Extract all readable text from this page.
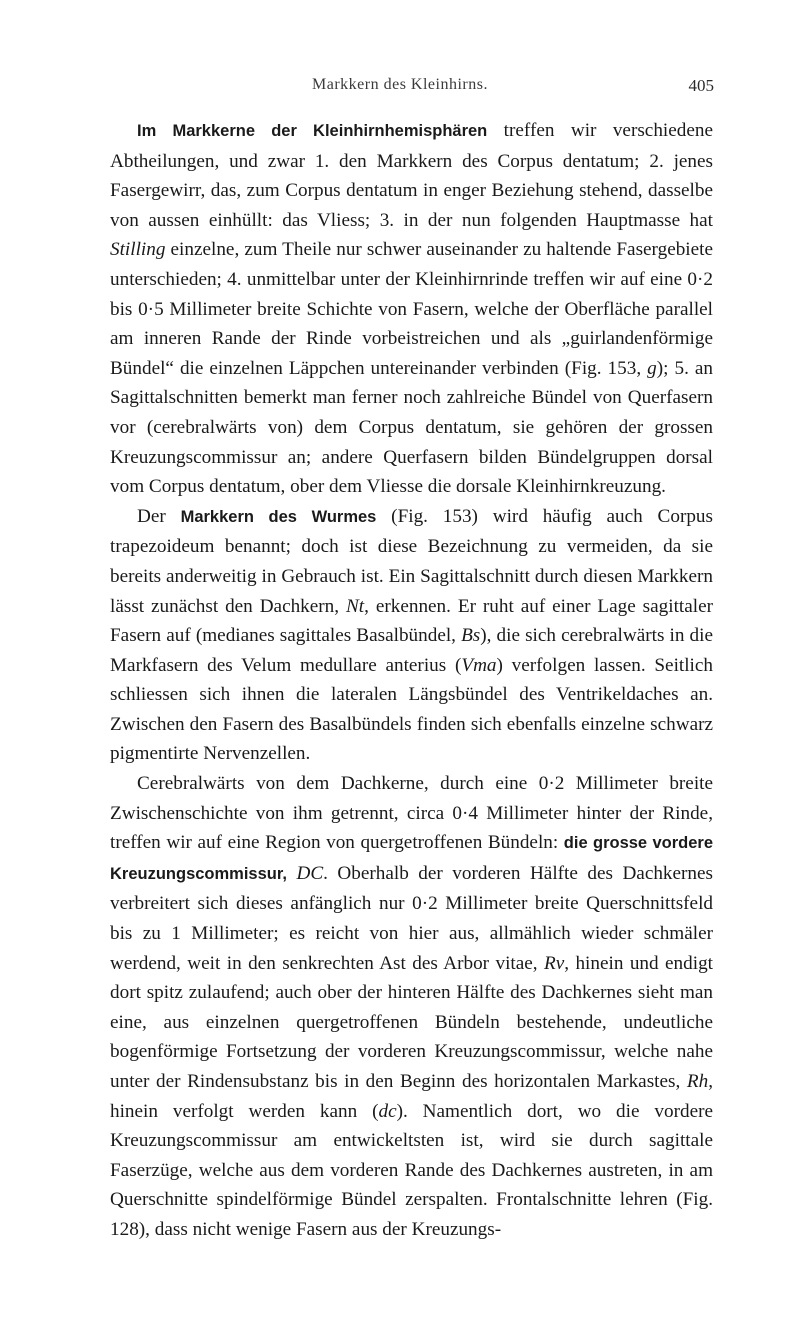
Markkern des Kleinhirns.	405

Im Markkerne der Kleinhirnhemisphären treffen wir verschiedene Abtheilungen, und zwar 1. den Markkern des Corpus dentatum; 2. jenes Fasergewirr, das, zum Corpus dentatum in enger Beziehung stehend, dasselbe von aussen einhüllt: das Vliess; 3. in der nun folgenden Hauptmasse hat Stilling einzelne, zum Theile nur schwer auseinander zu haltende Fasergebiete unterschieden; 4. unmittelbar unter der Kleinhirnrinde treffen wir auf eine 0·2 bis 0·5 Millimeter breite Schichte von Fasern, welche der Oberfläche parallel am inneren Rande der Rinde vorbeistreichen und als „guirlandenförmige Bündel“ die einzelnen Läppchen untereinander verbinden (Fig. 153, g); 5. an Sagittalschnitten bemerkt man ferner noch zahlreiche Bündel von Querfasern vor (cerebralwärts von) dem Corpus dentatum, sie gehören der grossen Kreuzungscommissur an; andere Querfasern bilden Bündelgruppen dorsal vom Corpus dentatum, ober dem Vliesse die dorsale Kleinhirnkreuzung.

Der Markkern des Wurmes (Fig. 153) wird häufig auch Corpus trapezoideum benannt; doch ist diese Bezeichnung zu vermeiden, da sie bereits anderweitig in Gebrauch ist. Ein Sagittalschnitt durch diesen Markkern lässt zunächst den Dachkern, Nt, erkennen. Er ruht auf einer Lage sagittaler Fasern auf (medianes sagittales Basalbündel, Bs), die sich cerebralwärts in die Markfasern des Velum medullare anterius (Vma) verfolgen lassen. Seitlich schliessen sich ihnen die lateralen Längsbündel des Ventrikeldaches an. Zwischen den Fasern des Basalbündels finden sich ebenfalls einzelne schwarz pigmentirte Nervenzellen.

Cerebralwärts von dem Dachkerne, durch eine 0·2 Millimeter breite Zwischenschichte von ihm getrennt, circa 0·4 Millimeter hinter der Rinde, treffen wir auf eine Region von quergetroffenen Bündeln: die grosse vordere Kreuzungscommissur, DC. Oberhalb der vorderen Hälfte des Dachkernes verbreitert sich dieses anfänglich nur 0·2 Millimeter breite Querschnittsfeld bis zu 1 Millimeter; es reicht von hier aus, allmählich wieder schmäler werdend, weit in den senkrechten Ast des Arbor vitae, Rv, hinein und endigt dort spitz zulaufend; auch ober der hinteren Hälfte des Dachkernes sieht man eine, aus einzelnen quergetroffenen Bündeln bestehende, undeutliche bogenförmige Fortsetzung der vorderen Kreuzungscommissur, welche nahe unter der Rindensubstanz bis in den Beginn des horizontalen Markastes, Rh, hinein verfolgt werden kann (dc). Namentlich dort, wo die vordere Kreuzungscommissur am entwickeltsten ist, wird sie durch sagittale Faserzüge, welche aus dem vorderen Rande des Dachkernes austreten, in am Querschnitte spindelförmige Bündel zerspalten. Frontalschnitte lehren (Fig. 128), dass nicht wenige Fasern aus der Kreuzungs-
